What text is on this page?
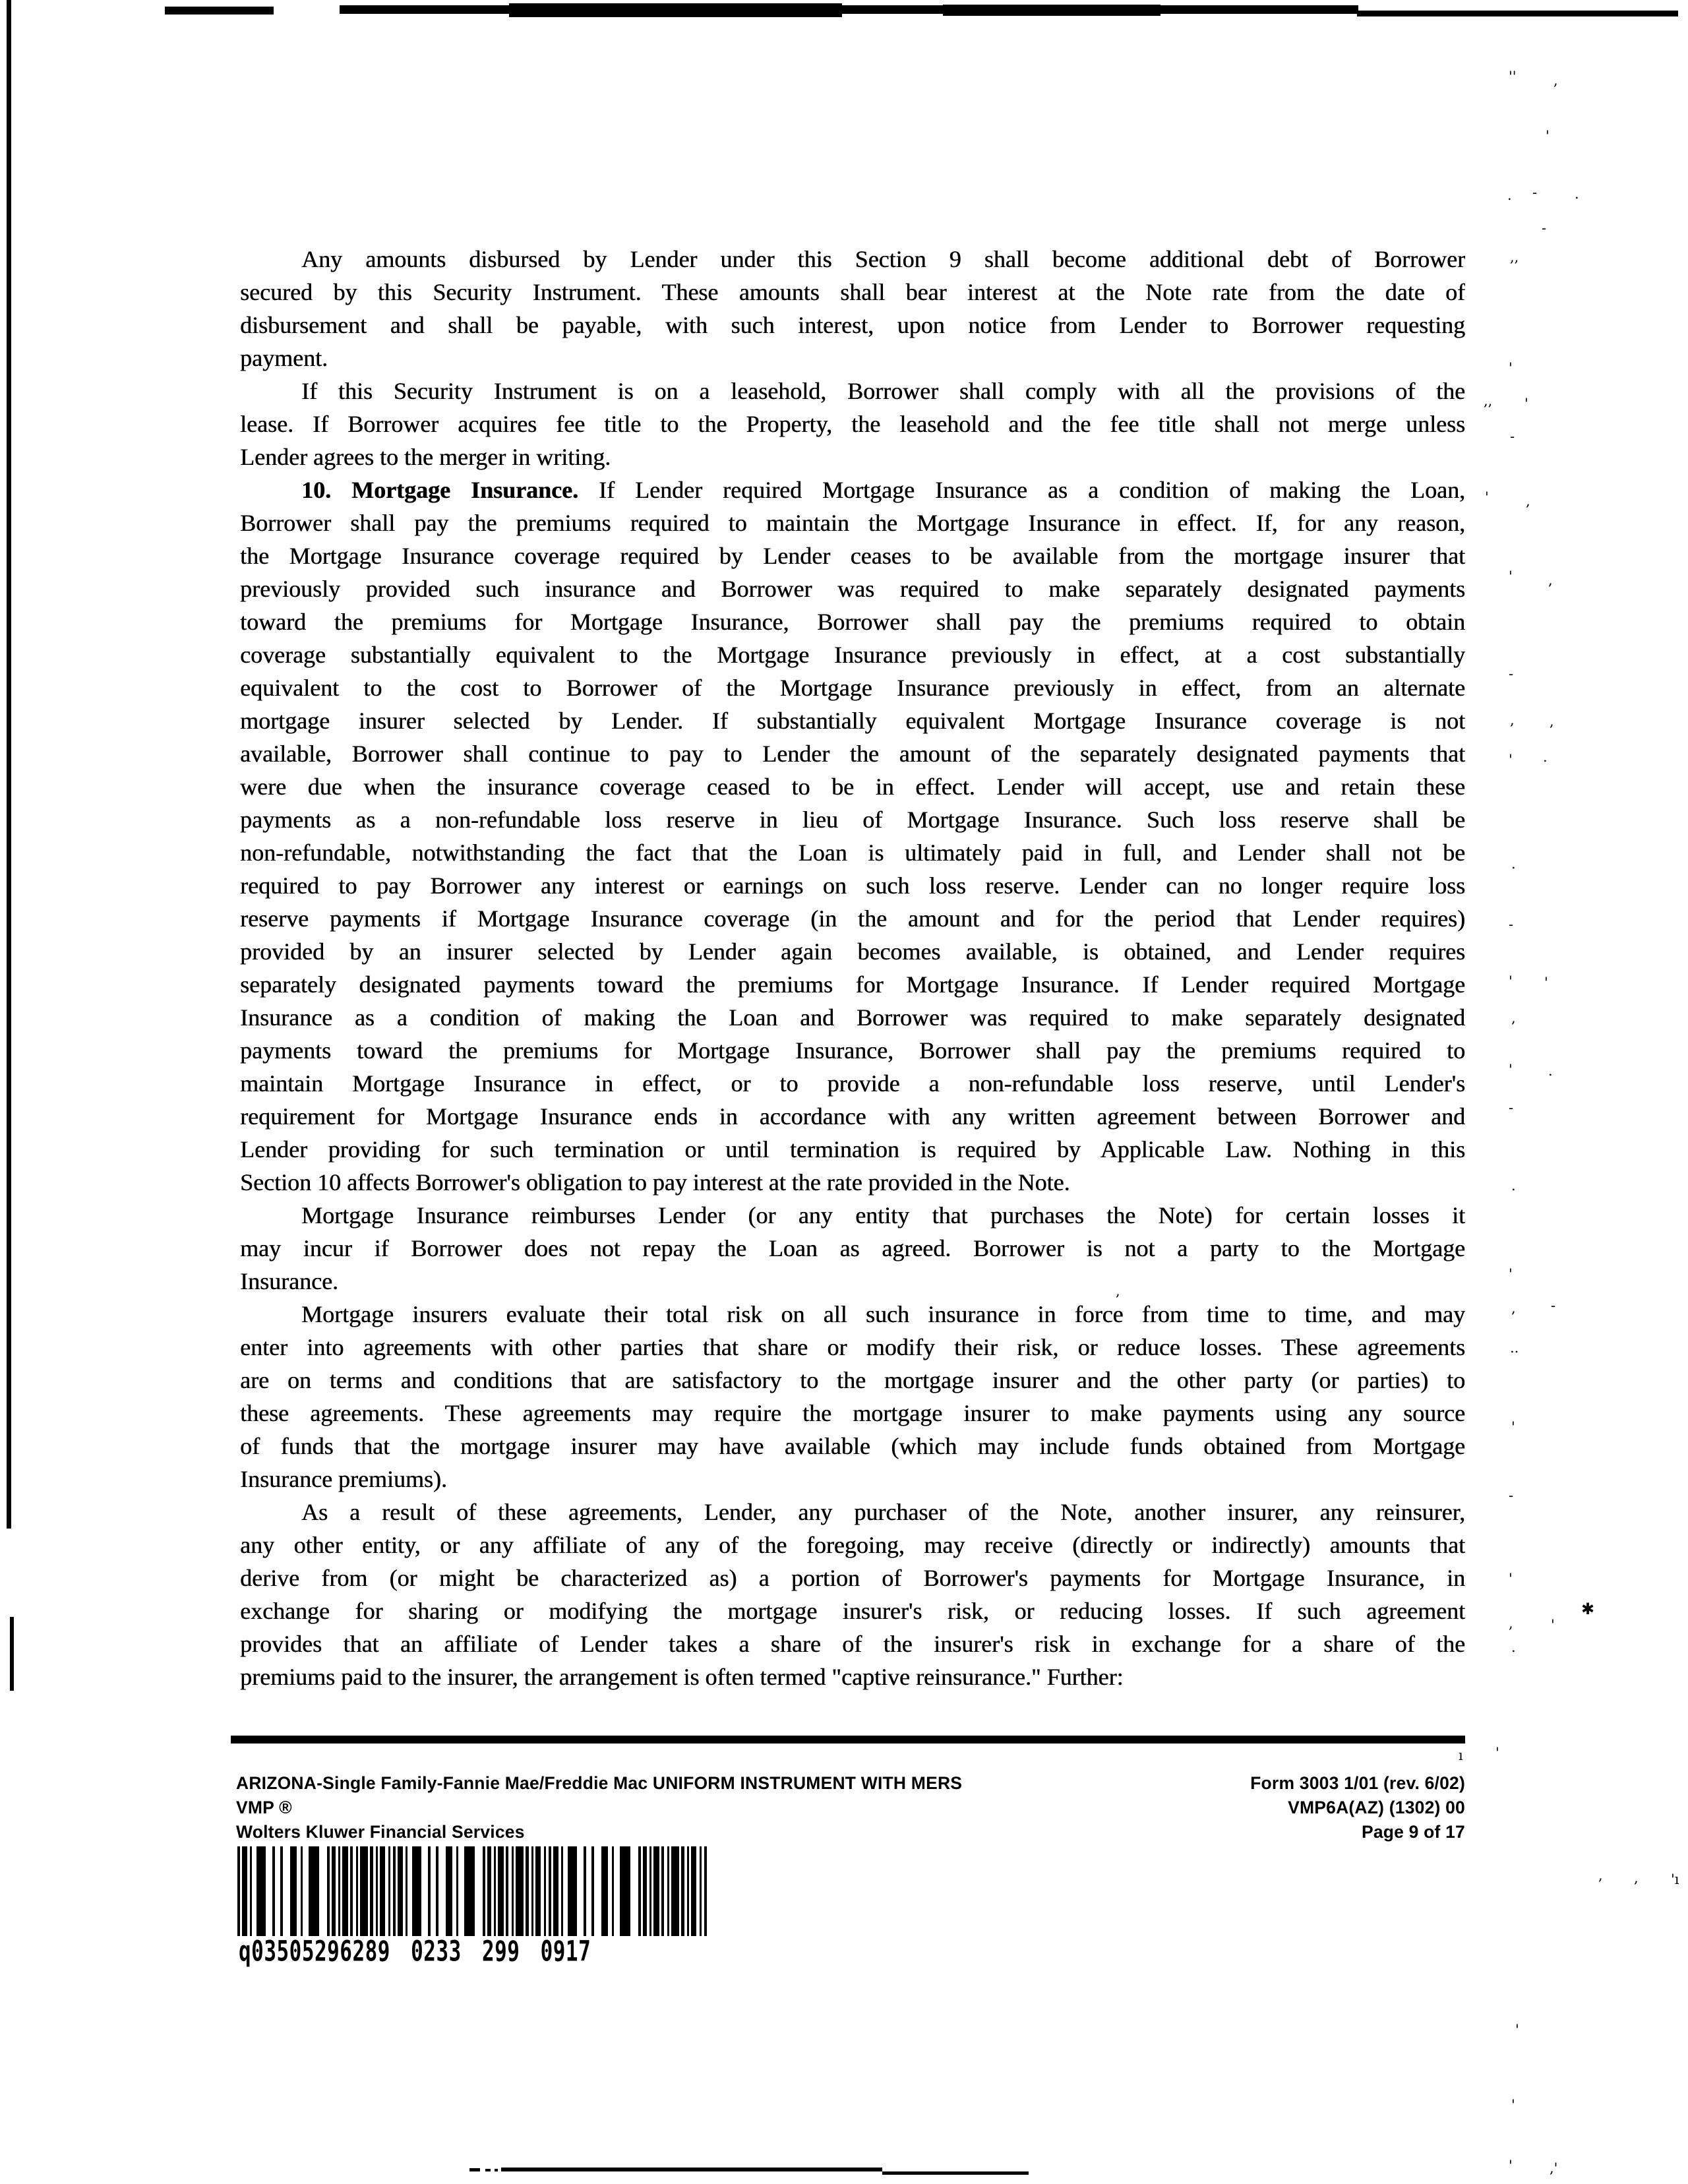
Any amounts disbursed by Lender under this Section 9 shall become additional debt of Borrower
secured by this Security Instrument. These amounts shall bear interest at the Note rate from the date of
disbursement and shall be payable, with such interest, upon notice from Lender to Borrower requesting
payment.
If this Security Instrument is on a leasehold, Borrower shall comply with all the provisions of the
lease. If Borrower acquires fee title to the Property, the leasehold and the fee title shall not merge unless
Lender agrees to the merger in writing.
10. Mortgage Insurance. If Lender required Mortgage Insurance as a condition of making the Loan,
Borrower shall pay the premiums required to maintain the Mortgage Insurance in effect. If, for any reason,
the Mortgage Insurance coverage required by Lender ceases to be available from the mortgage insurer that
previously provided such insurance and Borrower was required to make separately designated payments
toward the premiums for Mortgage Insurance, Borrower shall pay the premiums required to obtain
coverage substantially equivalent to the Mortgage Insurance previously in effect, at a cost substantially
equivalent to the cost to Borrower of the Mortgage Insurance previously in effect, from an alternate
mortgage insurer selected by Lender. If substantially equivalent Mortgage Insurance coverage is not
available, Borrower shall continue to pay to Lender the amount of the separately designated payments that
were due when the insurance coverage ceased to be in effect. Lender will accept, use and retain these
payments as a non-refundable loss reserve in lieu of Mortgage Insurance. Such loss reserve shall be
non-refundable, notwithstanding the fact that the Loan is ultimately paid in full, and Lender shall not be
required to pay Borrower any interest or earnings on such loss reserve. Lender can no longer require loss
reserve payments if Mortgage Insurance coverage (in the amount and for the period that Lender requires)
provided by an insurer selected by Lender again becomes available, is obtained, and Lender requires
separately designated payments toward the premiums for Mortgage Insurance. If Lender required Mortgage
Insurance as a condition of making the Loan and Borrower was required to make separately designated
payments toward the premiums for Mortgage Insurance, Borrower shall pay the premiums required to
maintain Mortgage Insurance in effect, or to provide a non-refundable loss reserve, until Lender's
requirement for Mortgage Insurance ends in accordance with any written agreement between Borrower and
Lender providing for such termination or until termination is required by Applicable Law. Nothing in this
Section 10 affects Borrower's obligation to pay interest at the rate provided in the Note.
Mortgage Insurance reimburses Lender (or any entity that purchases the Note) for certain losses it
may incur if Borrower does not repay the Loan as agreed. Borrower is not a party to the Mortgage
Insurance.
Mortgage insurers evaluate their total risk on all such insurance in force from time to time, and may
enter into agreements with other parties that share or modify their risk, or reduce losses. These agreements
are on terms and conditions that are satisfactory to the mortgage insurer and the other party (or parties) to
these agreements. These agreements may require the mortgage insurer to make payments using any source
of funds that the mortgage insurer may have available (which may include funds obtained from Mortgage
Insurance premiums).
As a result of these agreements, Lender, any purchaser of the Note, another insurer, any reinsurer,
any other entity, or any affiliate of any of the foregoing, may receive (directly or indirectly) amounts that
derive from (or might be characterized as) a portion of Borrower's payments for Mortgage Insurance, in
exchange for sharing or modifying the mortgage insurer's risk, or reducing losses. If such agreement
provides that an affiliate of Lender takes a share of the insurer's risk in exchange for a share of the
premiums paid to the insurer, the arrangement is often termed "captive reinsurance." Further:
ARIZONA-Single Family-Fannie Mae/Freddie Mac UNIFORM INSTRUMENT WITH MERS
VMP ®
Wolters Kluwer Financial Services
Form 3003 1/01 (rev. 6/02)
VMP6A(AZ) (1302) 00
Page 9 of 17
q03505296289 0233 299 0917
''	,
'
. -	.
-
,,
'
,, '
-
'	,
'	,
-
,	,
' .
.
-
' '
,
'	.
-
.
,
'
,	-
..
'
-
'
✱
,	'
.
ı '
, , 'ı
'
'
'	,'
